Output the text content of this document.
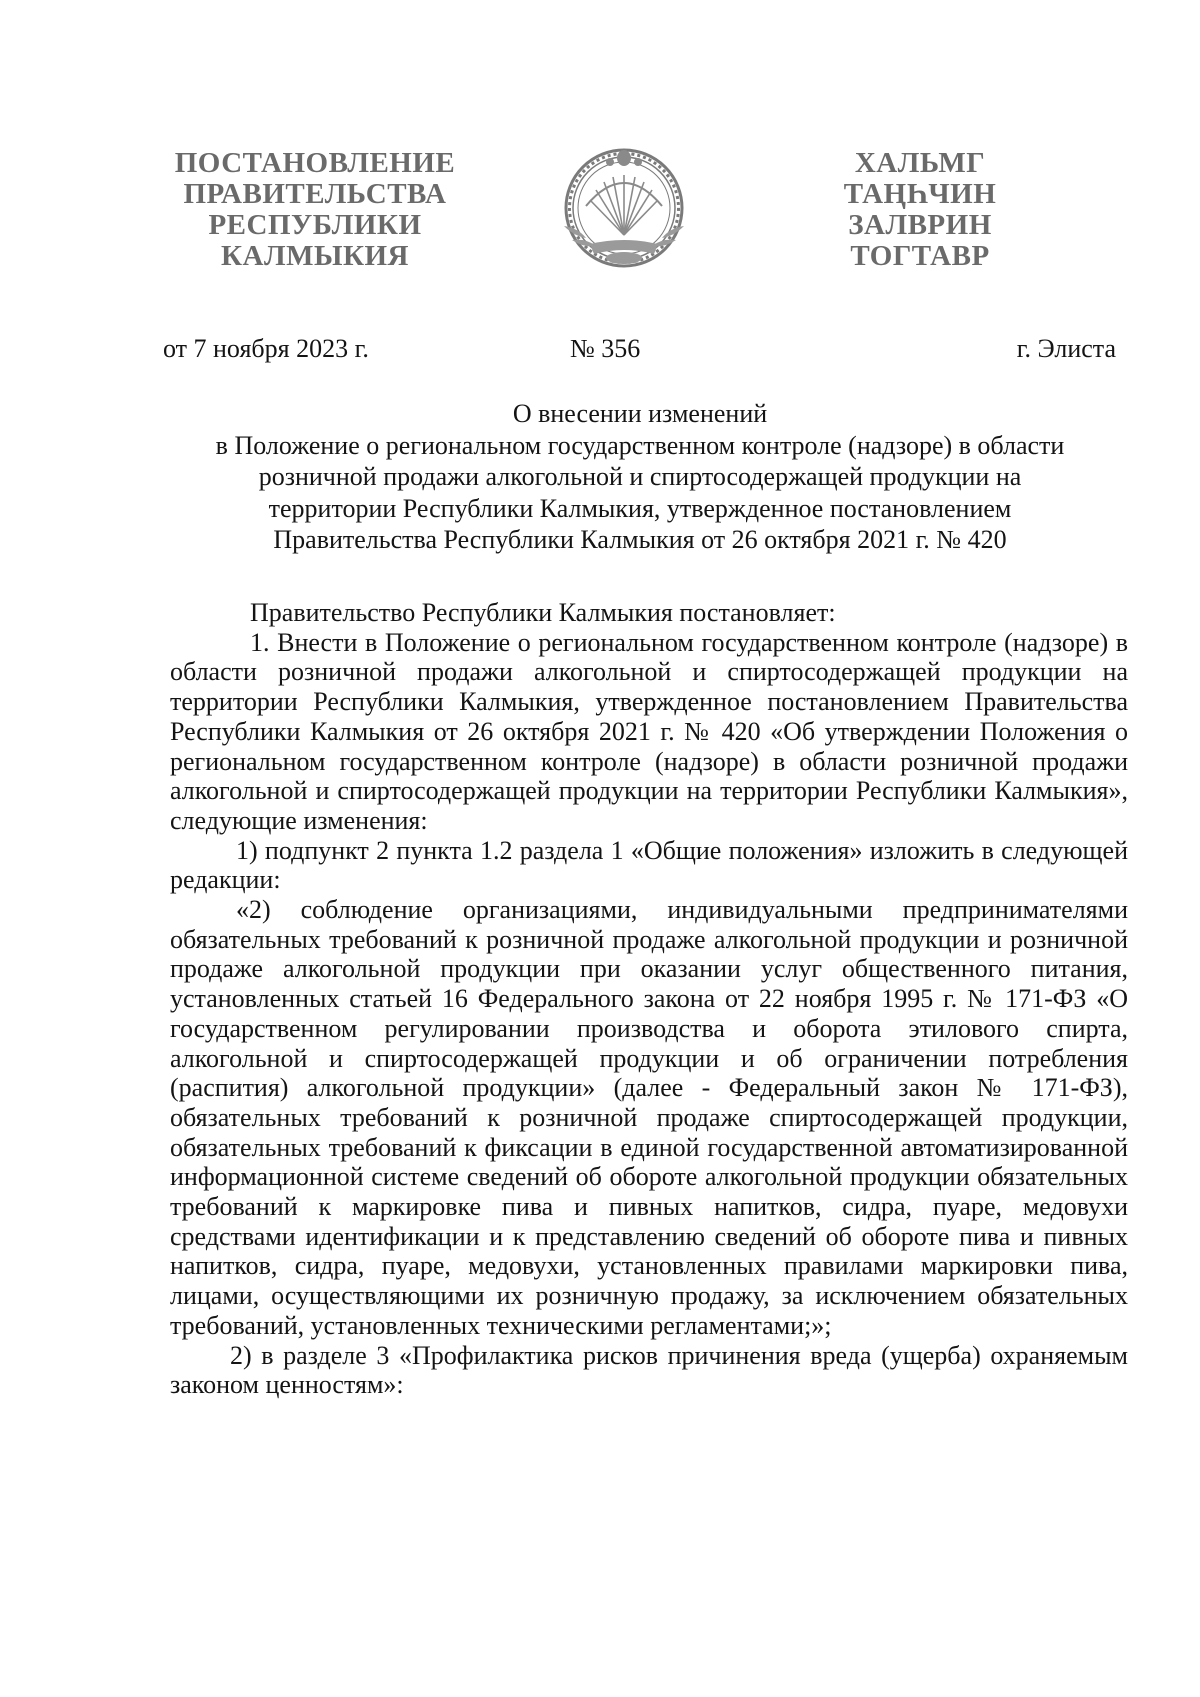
ПОСТАНОВЛЕНИЕ
ПРАВИТЕЛЬСТВА
РЕСПУБЛИКИ
КАЛМЫКИЯ
ХАЛЬМГ
ТАҢҺЧИН
ЗАЛВРИН
ТОГТАВР
от 7 ноября 2023 г.	№ 356	г. Элиста
О внесении изменений
в Положение о региональном государственном контроле (надзоре) в области
розничной продажи алкогольной и спиртосодержащей продукции на
территории Республики Калмыкия, утвержденное постановлением
Правительства Республики Калмыкия от 26 октября 2021 г. № 420

Правительство Республики Калмыкия постановляет:

1. Внести в Положение о региональном государственном контроле (надзоре) в области розничной продажи алкогольной и спиртосодержащей продукции на территории Республики Калмыкия, утвержденное постановлением Правительства Республики Калмыкия от 26 октября 2021 г. № 420 «Об утверждении Положения о региональном государственном контроле (надзоре) в области розничной продажи алкогольной и спиртосодержащей продукции на территории Республики Калмыкия», следующие изменения:

1) подпункт 2 пункта 1.2 раздела 1 «Общие положения» изложить в следующей редакции:

«2) соблюдение организациями, индивидуальными предпринимателями обязательных требований к розничной продаже алкогольной продукции и розничной продаже алкогольной продукции при оказании услуг общественного питания, установленных статьей 16 Федерального закона от 22 ноября 1995 г. № 171-ФЗ «О государственном регулировании производства и оборота этилового спирта, алкогольной и спиртосодержащей продукции и об ограничении потребления (распития) алкогольной продукции» (далее - Федеральный закон № 171-ФЗ), обязательных требований к розничной продаже спиртосодержащей продукции, обязательных требований к фиксации в единой государственной автоматизированной информационной системе сведений об обороте алкогольной продукции обязательных требований к маркировке пива и пивных напитков, сидра, пуаре, медовухи средствами идентификации и к представлению сведений об обороте пива и пивных напитков, сидра, пуаре, медовухи, установленных правилами маркировки пива, лицами, осуществляющими их розничную продажу, за исключением обязательных требований, установленных техническими регламентами;»;

2) в разделе 3 «Профилактика рисков причинения вреда (ущерба) охраняемым законом ценностям»:
